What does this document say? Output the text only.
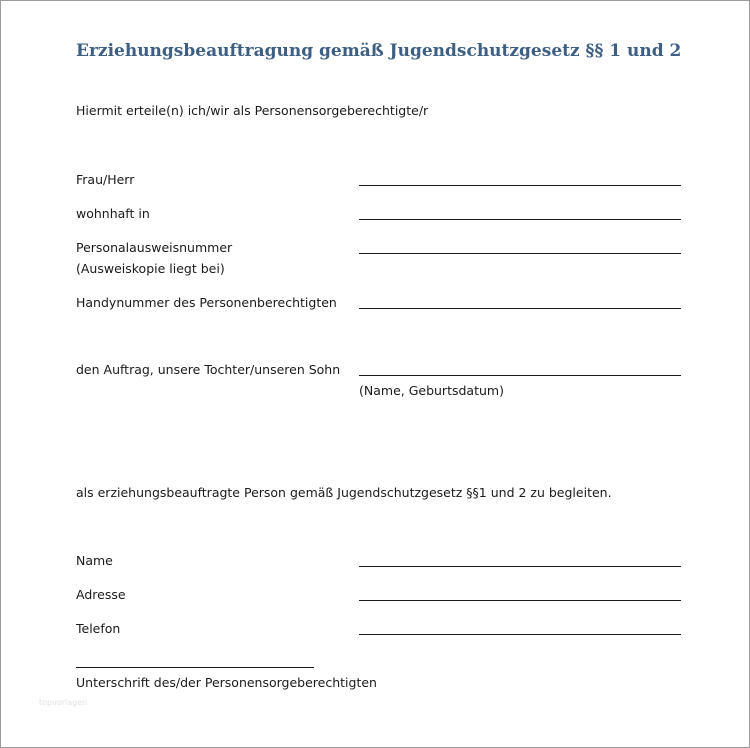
Erziehungsbeauftragung gemäß Jugendschutzgesetz §§ 1 und 2
Hiermit erteile(n) ich/wir als Personensorgeberechtigte/r
Frau/Herr
wohnhaft in
Personalausweisnummer
(Ausweiskopie liegt bei)
Handynummer des Personenberechtigten
den Auftrag, unsere Tochter/unseren Sohn
(Name, Geburtsdatum)
als erziehungsbeauftragte Person gemäß Jugendschutzgesetz §§1 und 2 zu begleiten.
Name
Adresse
Telefon
Unterschrift des/der Personensorgeberechtigten
topvorlagen
